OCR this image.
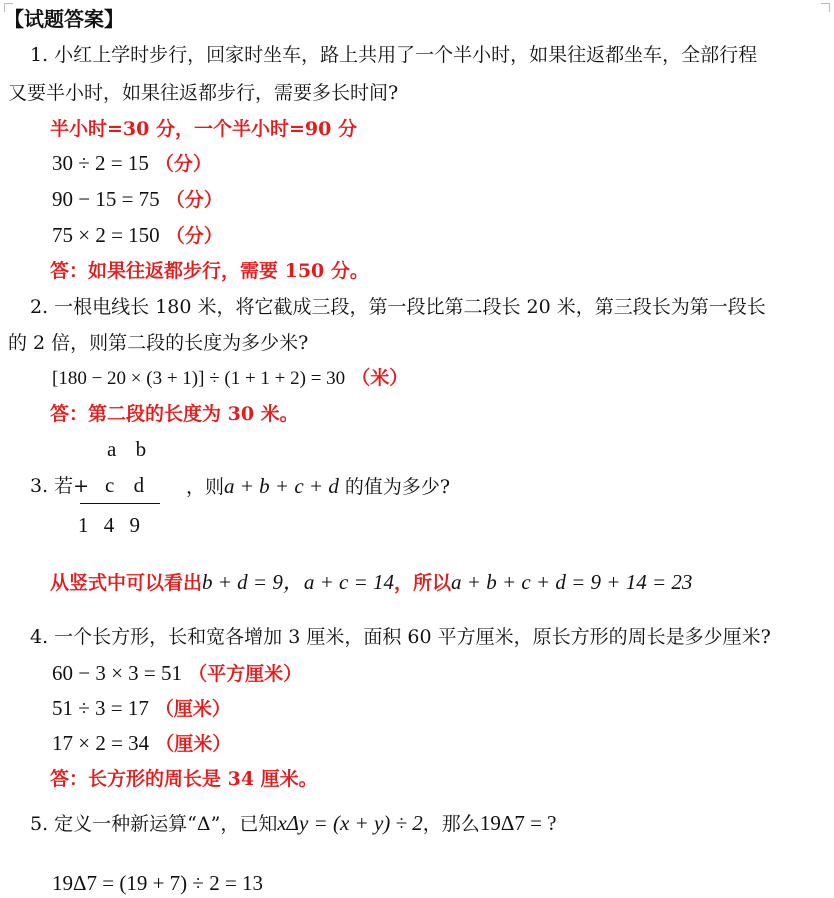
【试题答案】
1. 小红上学时步行，回家时坐车，路上共用了一个半小时，如果往返都坐车，全部行程
又要半小时，如果往返都步行，需要多长时间?
半小时=30 分，一个半小时=90 分
30 ÷ 2 = 15 （分）
90 − 15 = 75 （分）
75 × 2 = 150 （分）
答：如果往返都步行，需要 150 分。
2. 一根电线长 180 米，将它截成三段，第一段比第二段长 20 米，第三段长为第一段长
的 2 倍，则第二段的长度为多少米?
[180 − 20 × (3 + 1)] ÷ (1 + 1 + 2) = 30 （米）
答：第二段的长度为 30 米。
a b
3. 若+ c d ，则a + b + c + d 的值为多少?
1 4 9
从竖式中可以看出b + d = 9，a + c = 14，所以a + b + c + d = 9 + 14 = 23
4. 一个长方形，长和宽各增加 3 厘米，面积 60 平方厘米，原长方形的周长是多少厘米?
60 − 3 × 3 = 51 （平方厘米）
51 ÷ 3 = 17 （厘米）
17 × 2 = 34 （厘米）
答：长方形的周长是 34 厘米。
5. 定义一种新运算“Δ”，已知xΔy = (x + y) ÷ 2，那么19Δ7 = ?
19Δ7 = (19 + 7) ÷ 2 = 13
